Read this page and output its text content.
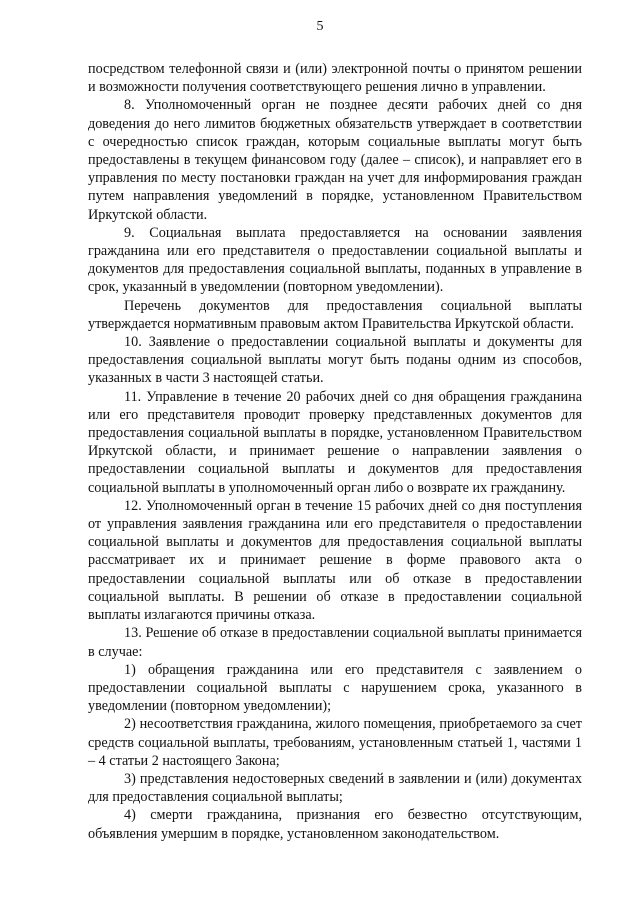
5

посредством телефонной связи и (или) электронной почты о принятом решении и возможности получения соответствующего решения лично в управлении.

8. Уполномоченный орган не позднее десяти рабочих дней со дня доведения до него лимитов бюджетных обязательств утверждает в соответствии с очередностью список граждан, которым социальные выплаты могут быть предоставлены в текущем финансовом году (далее – список), и направляет его в управления по месту постановки граждан на учет для информирования граждан путем направления уведомлений в порядке, установленном Правительством Иркутской области.

9. Социальная выплата предоставляется на основании заявления гражданина или его представителя о предоставлении социальной выплаты и документов для предоставления социальной выплаты, поданных в управление в срок, указанный в уведомлении (повторном уведомлении).

Перечень документов для предоставления социальной выплаты утверждается нормативным правовым актом Правительства Иркутской области.

10. Заявление о предоставлении социальной выплаты и документы для предоставления социальной выплаты могут быть поданы одним из способов, указанных в части 3 настоящей статьи.

11. Управление в течение 20 рабочих дней со дня обращения гражданина или его представителя проводит проверку представленных документов для предоставления социальной выплаты в порядке, установленном Правительством Иркутской области, и принимает решение о направлении заявления о предоставлении социальной выплаты и документов для предоставления социальной выплаты в уполномоченный орган либо о возврате их гражданину.

12. Уполномоченный орган в течение 15 рабочих дней со дня поступления от управления заявления гражданина или его представителя о предоставлении социальной выплаты и документов для предоставления социальной выплаты рассматривает их и принимает решение в форме правового акта о предоставлении социальной выплаты или об отказе в предоставлении социальной выплаты. В решении об отказе в предоставлении социальной выплаты излагаются причины отказа.

13. Решение об отказе в предоставлении социальной выплаты принимается в случае:

1) обращения гражданина или его представителя с заявлением о предоставлении социальной выплаты с нарушением срока, указанного в уведомлении (повторном уведомлении);

2) несоответствия гражданина, жилого помещения, приобретаемого за счет средств социальной выплаты, требованиям, установленным статьей 1, частями 1 – 4 статьи 2 настоящего Закона;

3) представления недостоверных сведений в заявлении и (или) документах для предоставления социальной выплаты;

4) смерти гражданина, признания его безвестно отсутствующим, объявления умершим в порядке, установленном законодательством.
